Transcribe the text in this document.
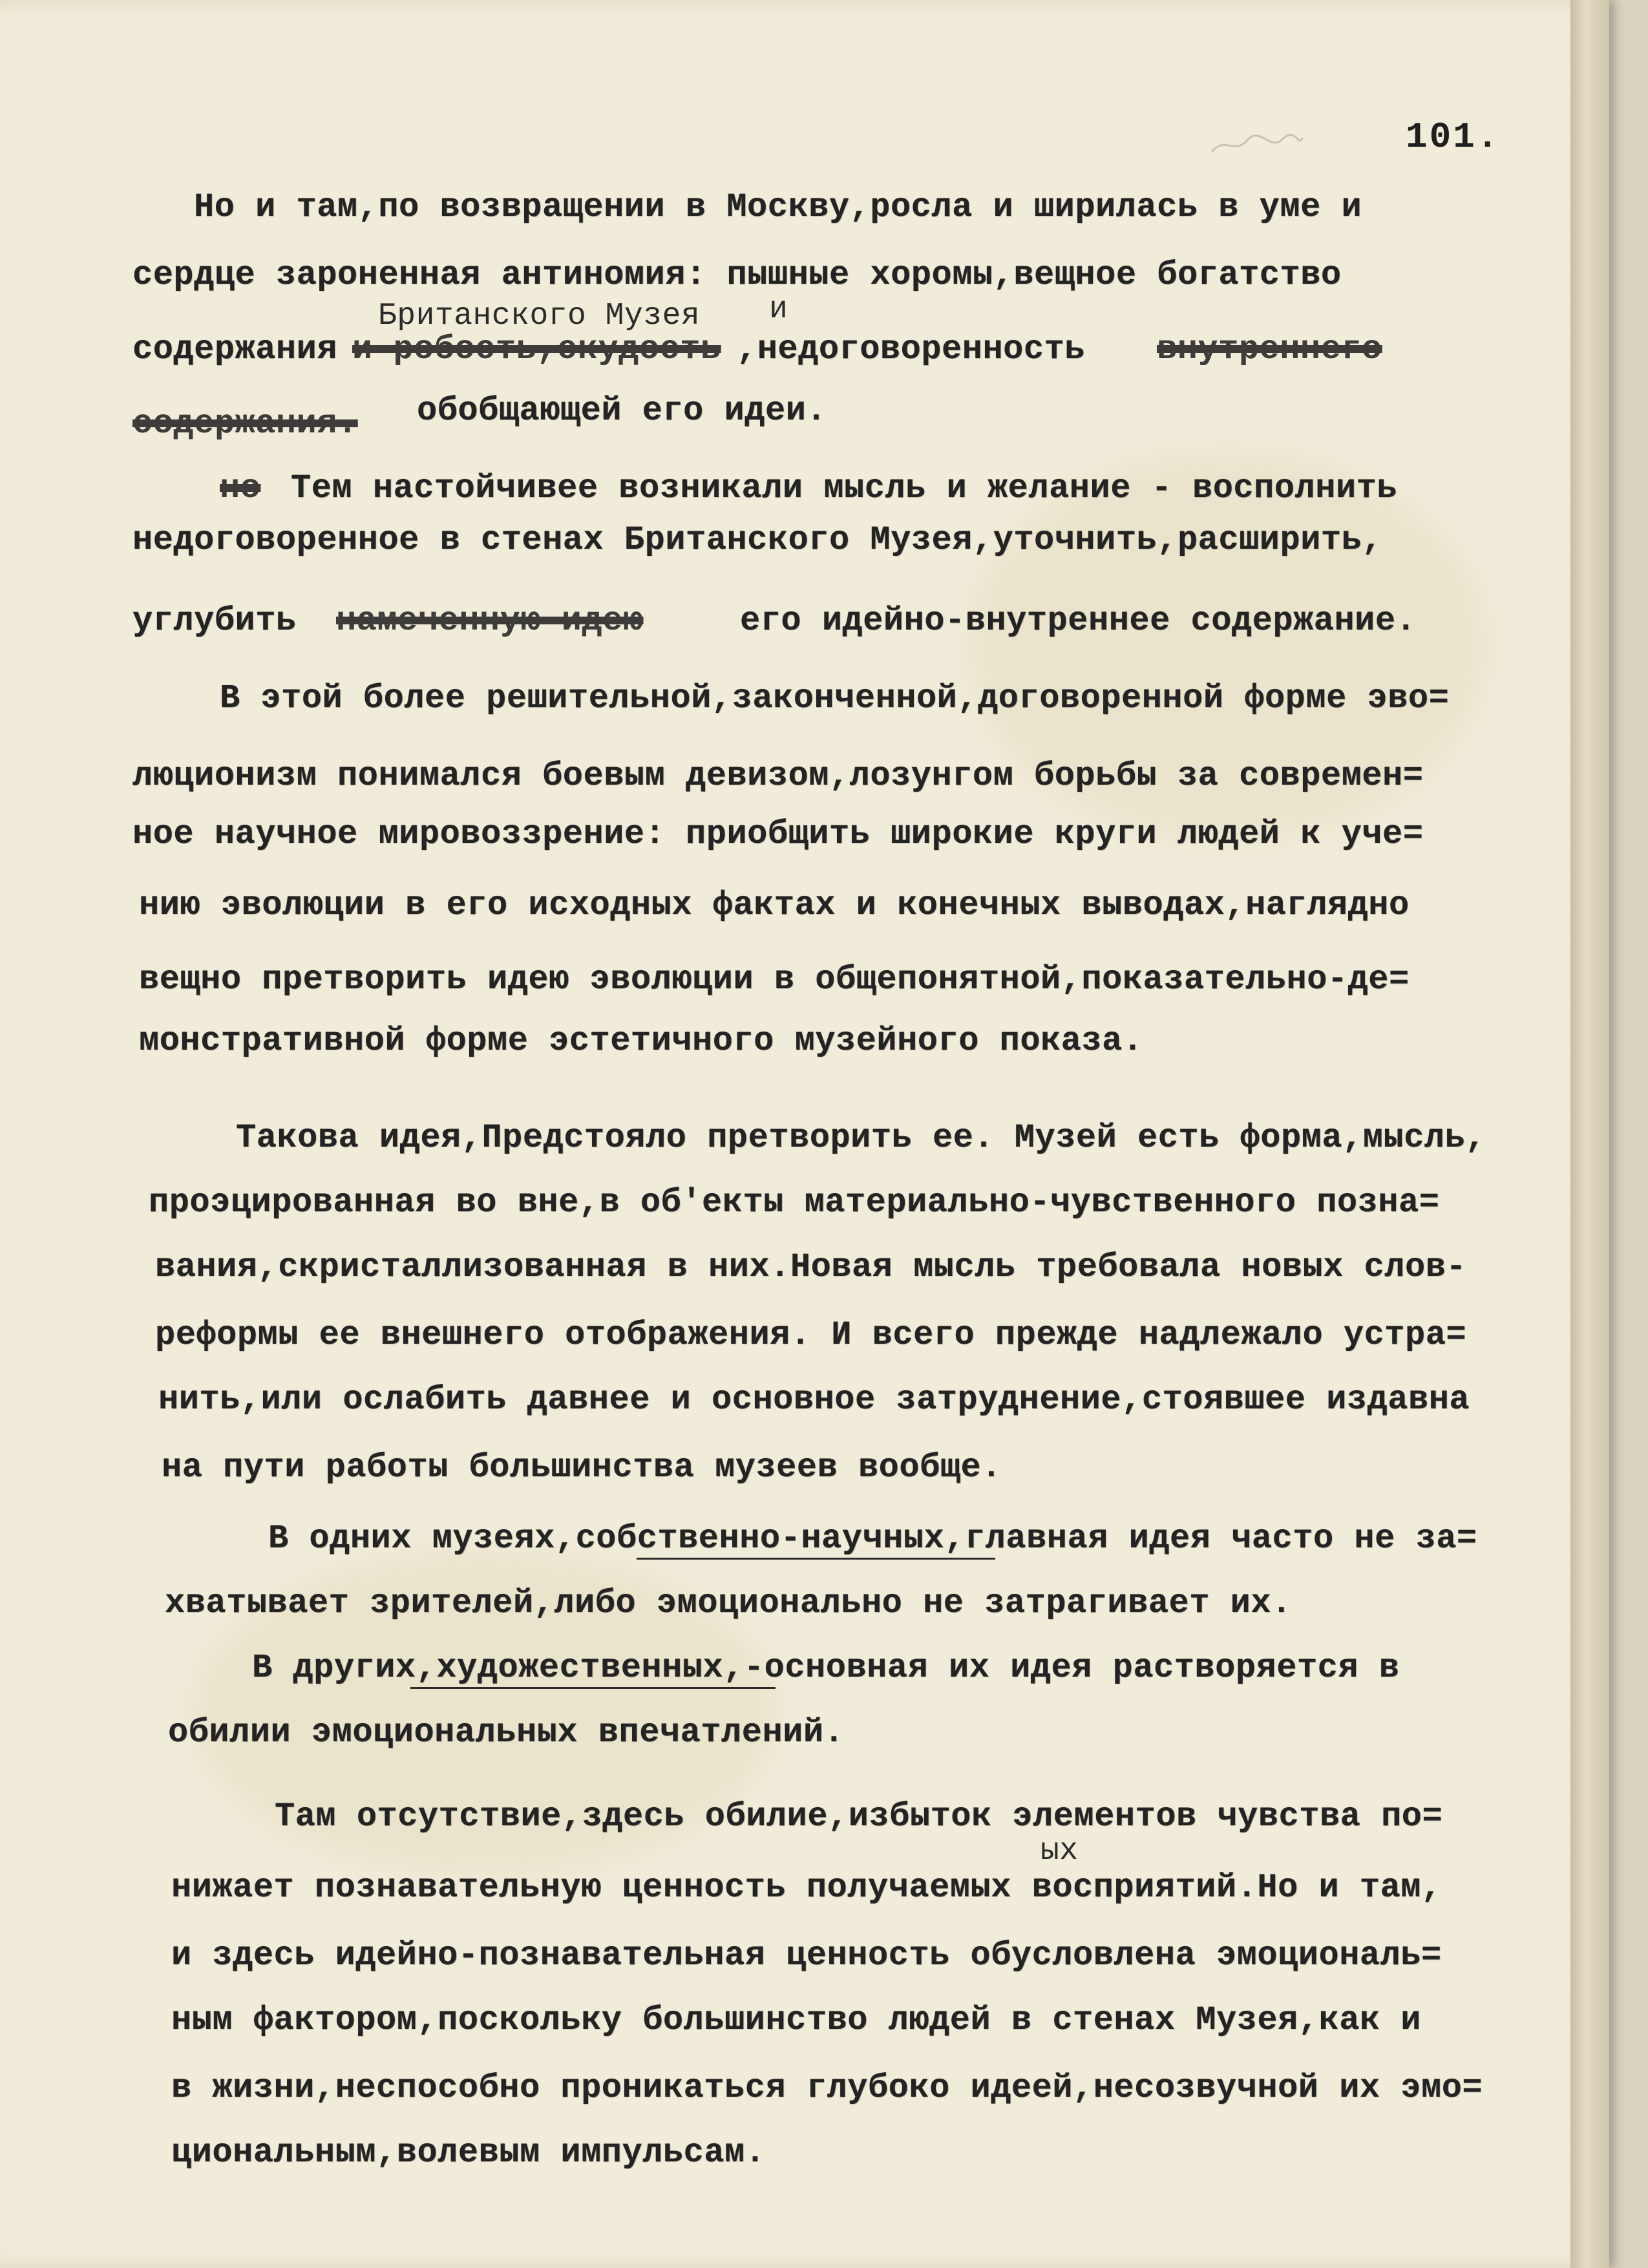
101.
Но и там,по возвращении в Москву,росла и ширилась в уме и
сердце зароненная антиномия: пышные хоромы,вещное богатство
Британского Музея и
содержания и робость,скудость ,недоговоренность внутреннего
содержания. обобщающей его идеи.
но Тем настойчивее возникали мысль и желание - восполнить
недоговоренное в стенах Британского Музея,уточнить,расширить,
углубить намеченную идею	его идейно-внутреннее содержание.
В этой более решительной,законченной,договоренной форме эво=
люционизм понимался боевым девизом,лозунгом борьбы за современ=
ное научное мировоззрение: приобщить широкие круги людей к уче=
нию эволюции в его исходных фактах и конечных выводах,наглядно
вещно претворить идею эволюции в общепонятной,показательно-де=
монстративной форме эстетичного музейного показа.
Такова идея,Предстояло претворить ее. Музей есть форма,мысль,
проэцированная во вне,в об'екты материально-чувственного позна=
вания,скристаллизованная в них.Новая мысль требовала новых слов-
реформы ее внешнего отображения. И всего прежде надлежало устра=
нить,или ослабить давнее и основное затруднение,стоявшее издавна
на пути работы большинства музеев вообще.
В одних музеях,собственно-научных,главная идея часто не за=
хватывает зрителей,либо эмоционально не затрагивает их.
В других,художественных,-основная их идея растворяется в
обилии эмоциональных впечатлений.
Там отсутствие,здесь обилие,избыток элементов чувства по=
ых
нижает познавательную ценность получаемых восприятий.Но и там,
и здесь идейно-познавательная ценность обусловлена эмоциональ=
ным фактором,поскольку большинство людей в стенах Музея,как и
в жизни,неспособно проникаться глубоко идеей,несозвучной их эмо=
циональным,волевым импульсам.
